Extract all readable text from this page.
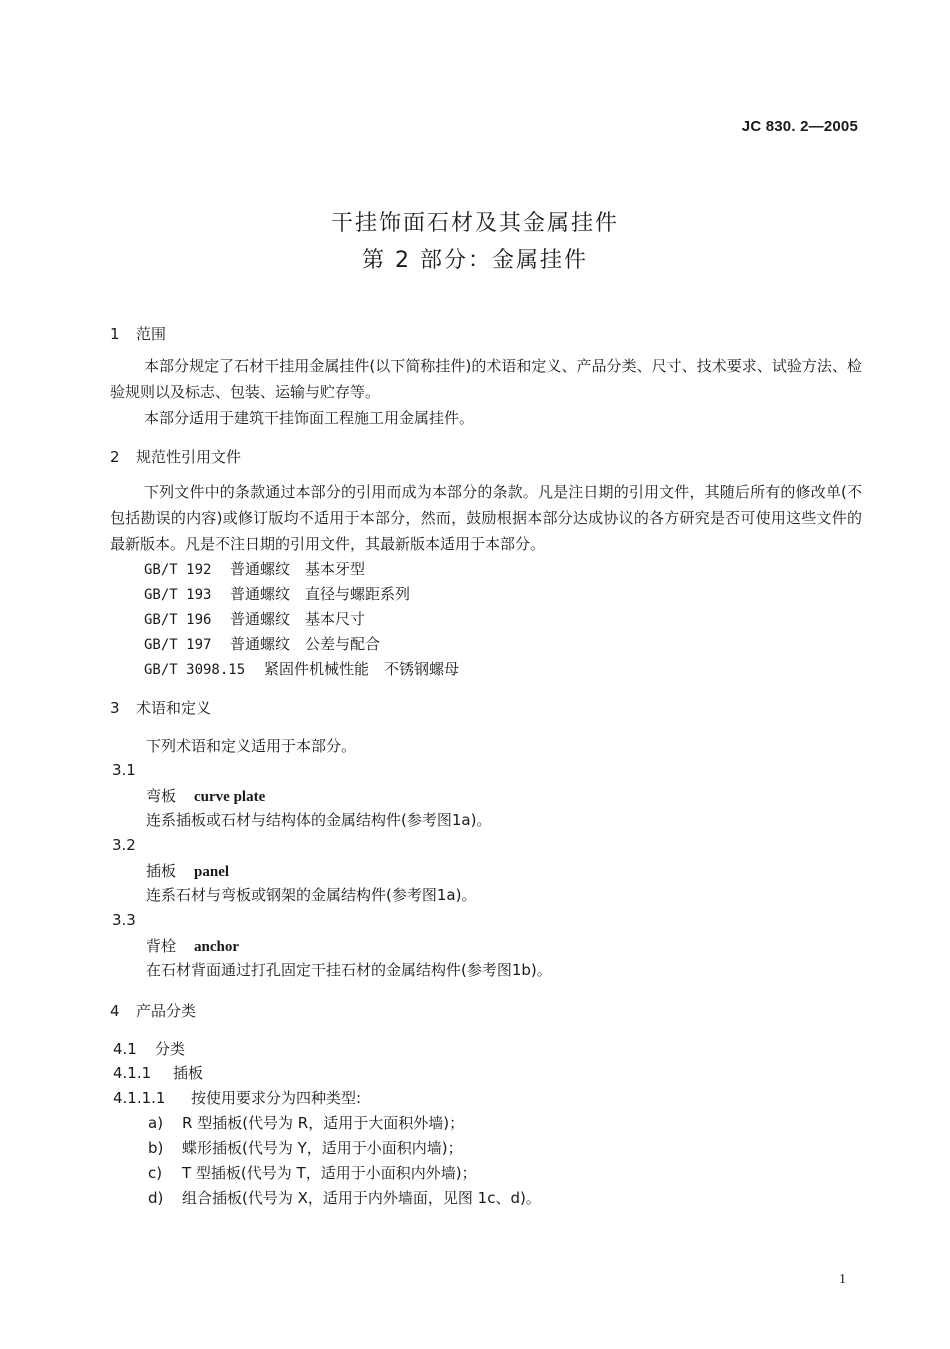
JC 830. 2—2005
干挂饰面石材及其金属挂件
第 2 部分：金属挂件
1 范围
本部分规定了石材干挂用金属挂件(以下简称挂件)的术语和定义、产品分类、尺寸、技术要求、试验方法、检验规则以及标志、包装、运输与贮存等。
本部分适用于建筑干挂饰面工程施工用金属挂件。
2 规范性引用文件
下列文件中的条款通过本部分的引用而成为本部分的条款。凡是注日期的引用文件，其随后所有的修改单(不包括勘误的内容)或修订版均不适用于本部分，然而，鼓励根据本部分达成协议的各方研究是否可使用这些文件的最新版本。凡是不注日期的引用文件，其最新版本适用于本部分。
GB/T 192 普通螺纹　基本牙型
GB/T 193 普通螺纹　直径与螺距系列
GB/T 196 普通螺纹　基本尺寸
GB/T 197 普通螺纹　公差与配合
GB/T 3098.15 紧固件机械性能　不锈钢螺母
3 术语和定义
下列术语和定义适用于本部分。
3.1
弯板 curve plate
连系插板或石材与结构体的金属结构件(参考图1a)。
3.2
插板 panel
连系石材与弯板或钢架的金属结构件(参考图1a)。
3.3
背栓 anchor
在石材背面通过打孔固定干挂石材的金属结构件(参考图1b)。
4 产品分类
4.1 分类
4.1.1 插板
4.1.1.1 按使用要求分为四种类型:
a) R 型插板(代号为 R，适用于大面积外墙)；
b) 蝶形插板(代号为 Y，适用于小面积内墙)；
c) T 型插板(代号为 T，适用于小面积内外墙)；
d) 组合插板(代号为 X，适用于内外墙面，见图 1c、d)。
1
